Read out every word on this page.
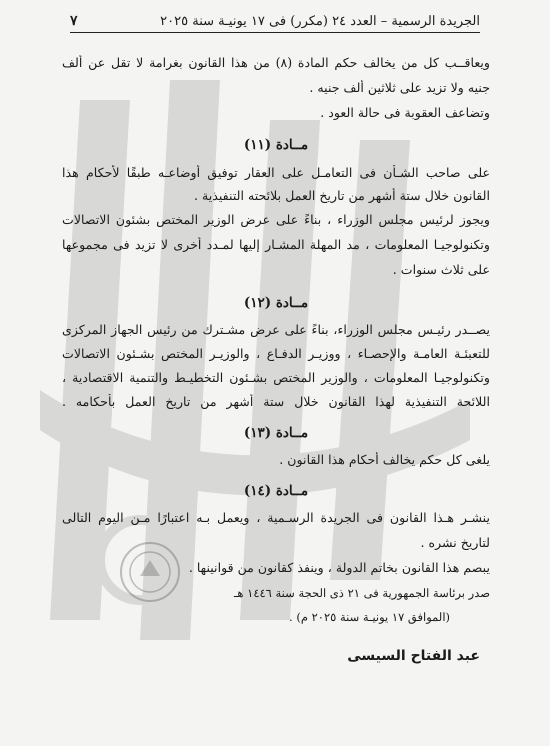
الجريدة الرسمية – العدد ٢٤ (مكرر) فى ١٧ يونيـة سنة ٢٠٢٥
٧
ويعاقــب كل من يخالف حكم المادة (٨) من هذا القانون بغرامة لا تقل عن ألف
جنيه ولا تزيد على ثلاثين ألف جنيه .
وتضاعف العقوبة فى حالة العود .
مــادة (١١)
على صاحب الشـأن فى التعامـل على العقار توفيق أوضاعـه طبقًا لأحكام هذا
القانون خلال ستة أشهر من تاريخ العمل بلائحته التنفيذية .
ويجوز لرئيس مجلس الوزراء ، بناءً على عرض الوزير المختص بشئون الاتصالات
وتكنولوجيـا المعلومات ، مد المهلة المشـار إليها لمـدد أخرى لا تزيد فى مجموعها
على ثلاث سنوات .
مــادة (١٢)
يصــدر رئيـس مجلس الوزراء، بناءً على عرض مشـترك من رئيس الجهاز المركزى
للتعبئـة العامـة والإحصـاء ، ووزيـر الدفـاع ، والوزيـر المختص بشـئون الاتصالات
وتكنولوجيـا المعلومات ، والوزير المختص بشـئون التخطيـط والتنمية الاقتصادية ،
اللائحة التنفيذية لهذا القانون خلال ستة أشهر من تاريخ العمل بأحكامه .
مــادة (١٣)
يلغى كل حكم يخالف أحكام هذا القانون .
مــادة (١٤)
ينشـر هـذا القانون فى الجريدة الرسـمية ، ويعمل بـه اعتبارًا مـن اليوم التالى
لتاريخ نشره .
يبصم هذا القانون بخاتم الدولة ، وينفذ كقانون من قوانينها .
صدر برئاسة الجمهورية فى ٢١ ذى الحجة سنة ١٤٤٦ هـ
(الموافق ١٧ يونيـة سنة ٢٠٢٥ م) .
عبد الفتاح السيسى
